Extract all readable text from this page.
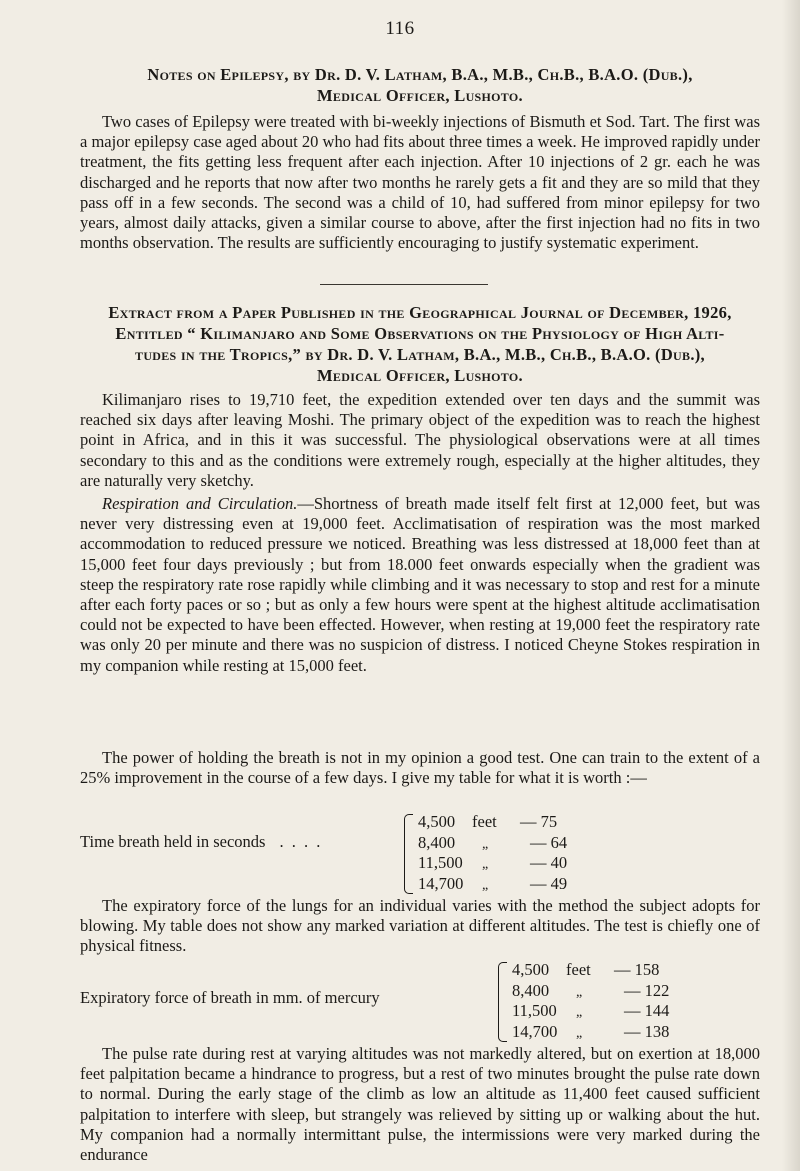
116
Notes on Epilepsy, by Dr. D. V. Latham, B.A., M.B., Ch.B., B.A.O. (Dub.),
Medical Officer, Lushoto.

Two cases of Epilepsy were treated with bi-weekly injections of Bismuth et Sod. Tart. The first was a major epilepsy case aged about 20 who had fits about three times a week. He improved rapidly under treatment, the fits getting less frequent after each injection. After 10 injections of 2 gr. each he was discharged and he reports that now after two months he rarely gets a fit and they are so mild that they pass off in a few seconds. The second was a child of 10, had suffered from minor epilepsy for two years, almost daily attacks, given a similar course to above, after the first injection had no fits in two months observation. The results are sufficiently encouraging to justify systematic experiment.

Extract from a Paper Published in the Geographical Journal of December, 1926,
Entitled “ Kilimanjaro and Some Observations on the Physiology of High Alti-
tudes in the Tropics,” by Dr. D. V. Latham, B.A., M.B., Ch.B., B.A.O. (Dub.),
Medical Officer, Lushoto.

Kilimanjaro rises to 19,710 feet, the expedition extended over ten days and the summit was reached six days after leaving Moshi. The primary object of the expedition was to reach the highest point in Africa, and in this it was successful. The physiological observations were at all times secondary to this and as the conditions were extremely rough, especially at the higher altitudes, they are naturally very sketchy.

Respiration and Circulation.—Shortness of breath made itself felt first at 12,000 feet, but was never very distressing even at 19,000 feet. Acclimatisation of respiration was the most marked accommodation to reduced pressure we noticed. Breathing was less distressed at 18,000 feet than at 15,000 feet four days previously ; but from 18.000 feet onwards especially when the gradient was steep the respiratory rate rose rapidly while climbing and it was necessary to stop and rest for a minute after each forty paces or so ; but as only a few hours were spent at the highest altitude acclimatisation could not be expected to have been effected. However, when resting at 19,000 feet the respiratory rate was only 20 per minute and there was no suspicion of distress. I noticed Cheyne Stokes respiration in my companion while resting at 15,000 feet.

The power of holding the breath is not in my opinion a good test. One can train to the extent of a 25% improvement in the course of a few days. I give my table for what it is worth :—

Time breath held in seconds . . . .
4,500 feet — 75
8,400 „	— 64
11,500 „	— 40
14,700 „	— 49

The expiratory force of the lungs for an individual varies with the method the subject adopts for blowing. My table does not show any marked variation at different altitudes. The test is chiefly one of physical fitness.

Expiratory force of breath in mm. of mercury
4,500 feet — 158
8,400 „	— 122
11,500 „	— 144
14,700 „	— 138

The pulse rate during rest at varying altitudes was not markedly altered, but on exertion at 18,000 feet palpitation became a hindrance to progress, but a rest of two minutes brought the pulse rate down to normal. During the early stage of the climb as low an altitude as 11,400 feet caused sufficient palpitation to interfere with sleep, but strangely was relieved by sitting up or walking about the hut. My companion had a normally intermittant pulse, the intermissions were very marked during the endurance
